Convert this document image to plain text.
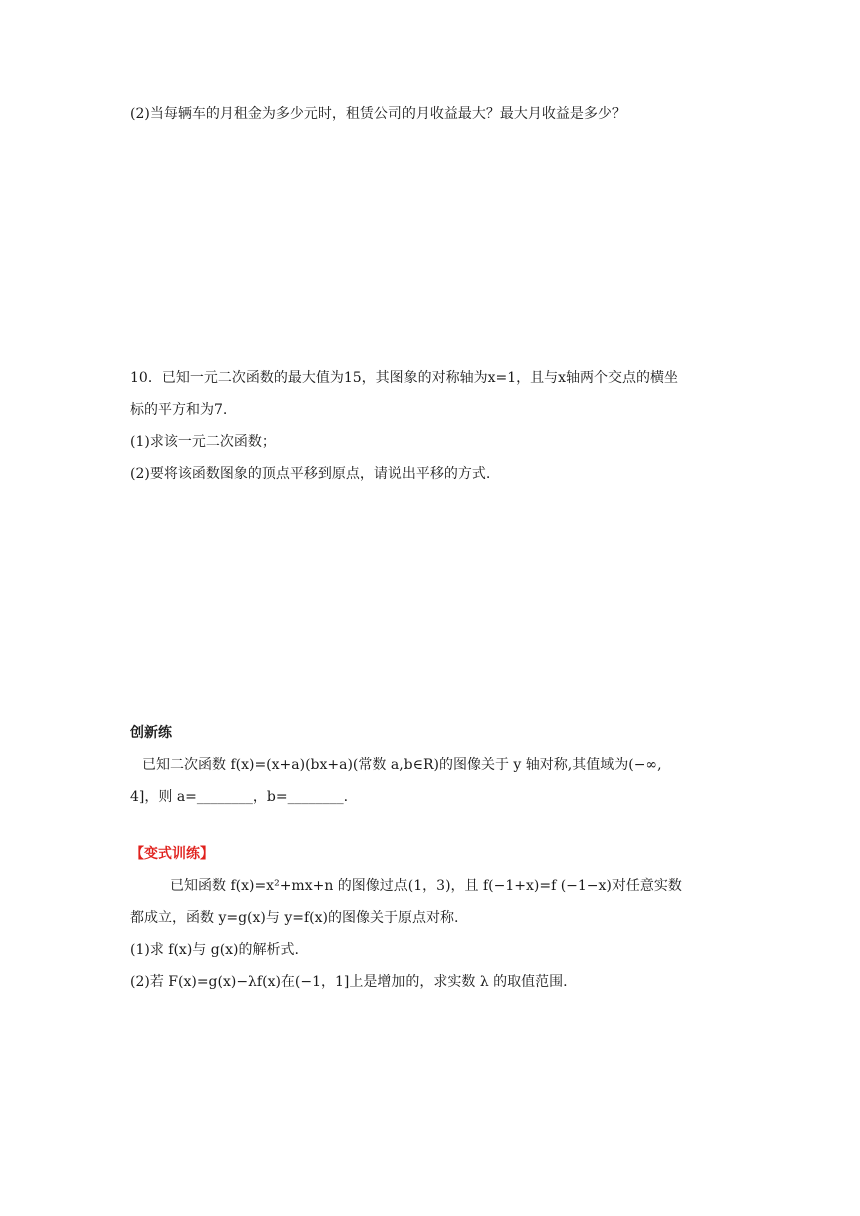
(2)当每辆车的月租金为多少元时，租赁公司的月收益最大？最大月收益是多少？
10．已知一元二次函数的最大值为15，其图象的对称轴为x=1，且与x轴两个交点的横坐
标的平方和为7.
(1)求该一元二次函数；
(2)要将该函数图象的顶点平移到原点，请说出平移的方式.
创新练
已知二次函数 f(x)=(x+a)(bx+a)(常数 a,b∈R)的图像关于 y 轴对称,其值域为(−∞,
4]，则 a=________，b=________.
【变式训练】
已知函数 f(x)=x²+mx+n 的图像过点(1，3)，且 f(−1+x)=f (−1−x)对任意实数
都成立，函数 y=g(x)与 y=f(x)的图像关于原点对称.
(1)求 f(x)与 g(x)的解析式.
(2)若 F(x)=g(x)−λf(x)在(−1，1]上是增加的，求实数 λ 的取值范围.
